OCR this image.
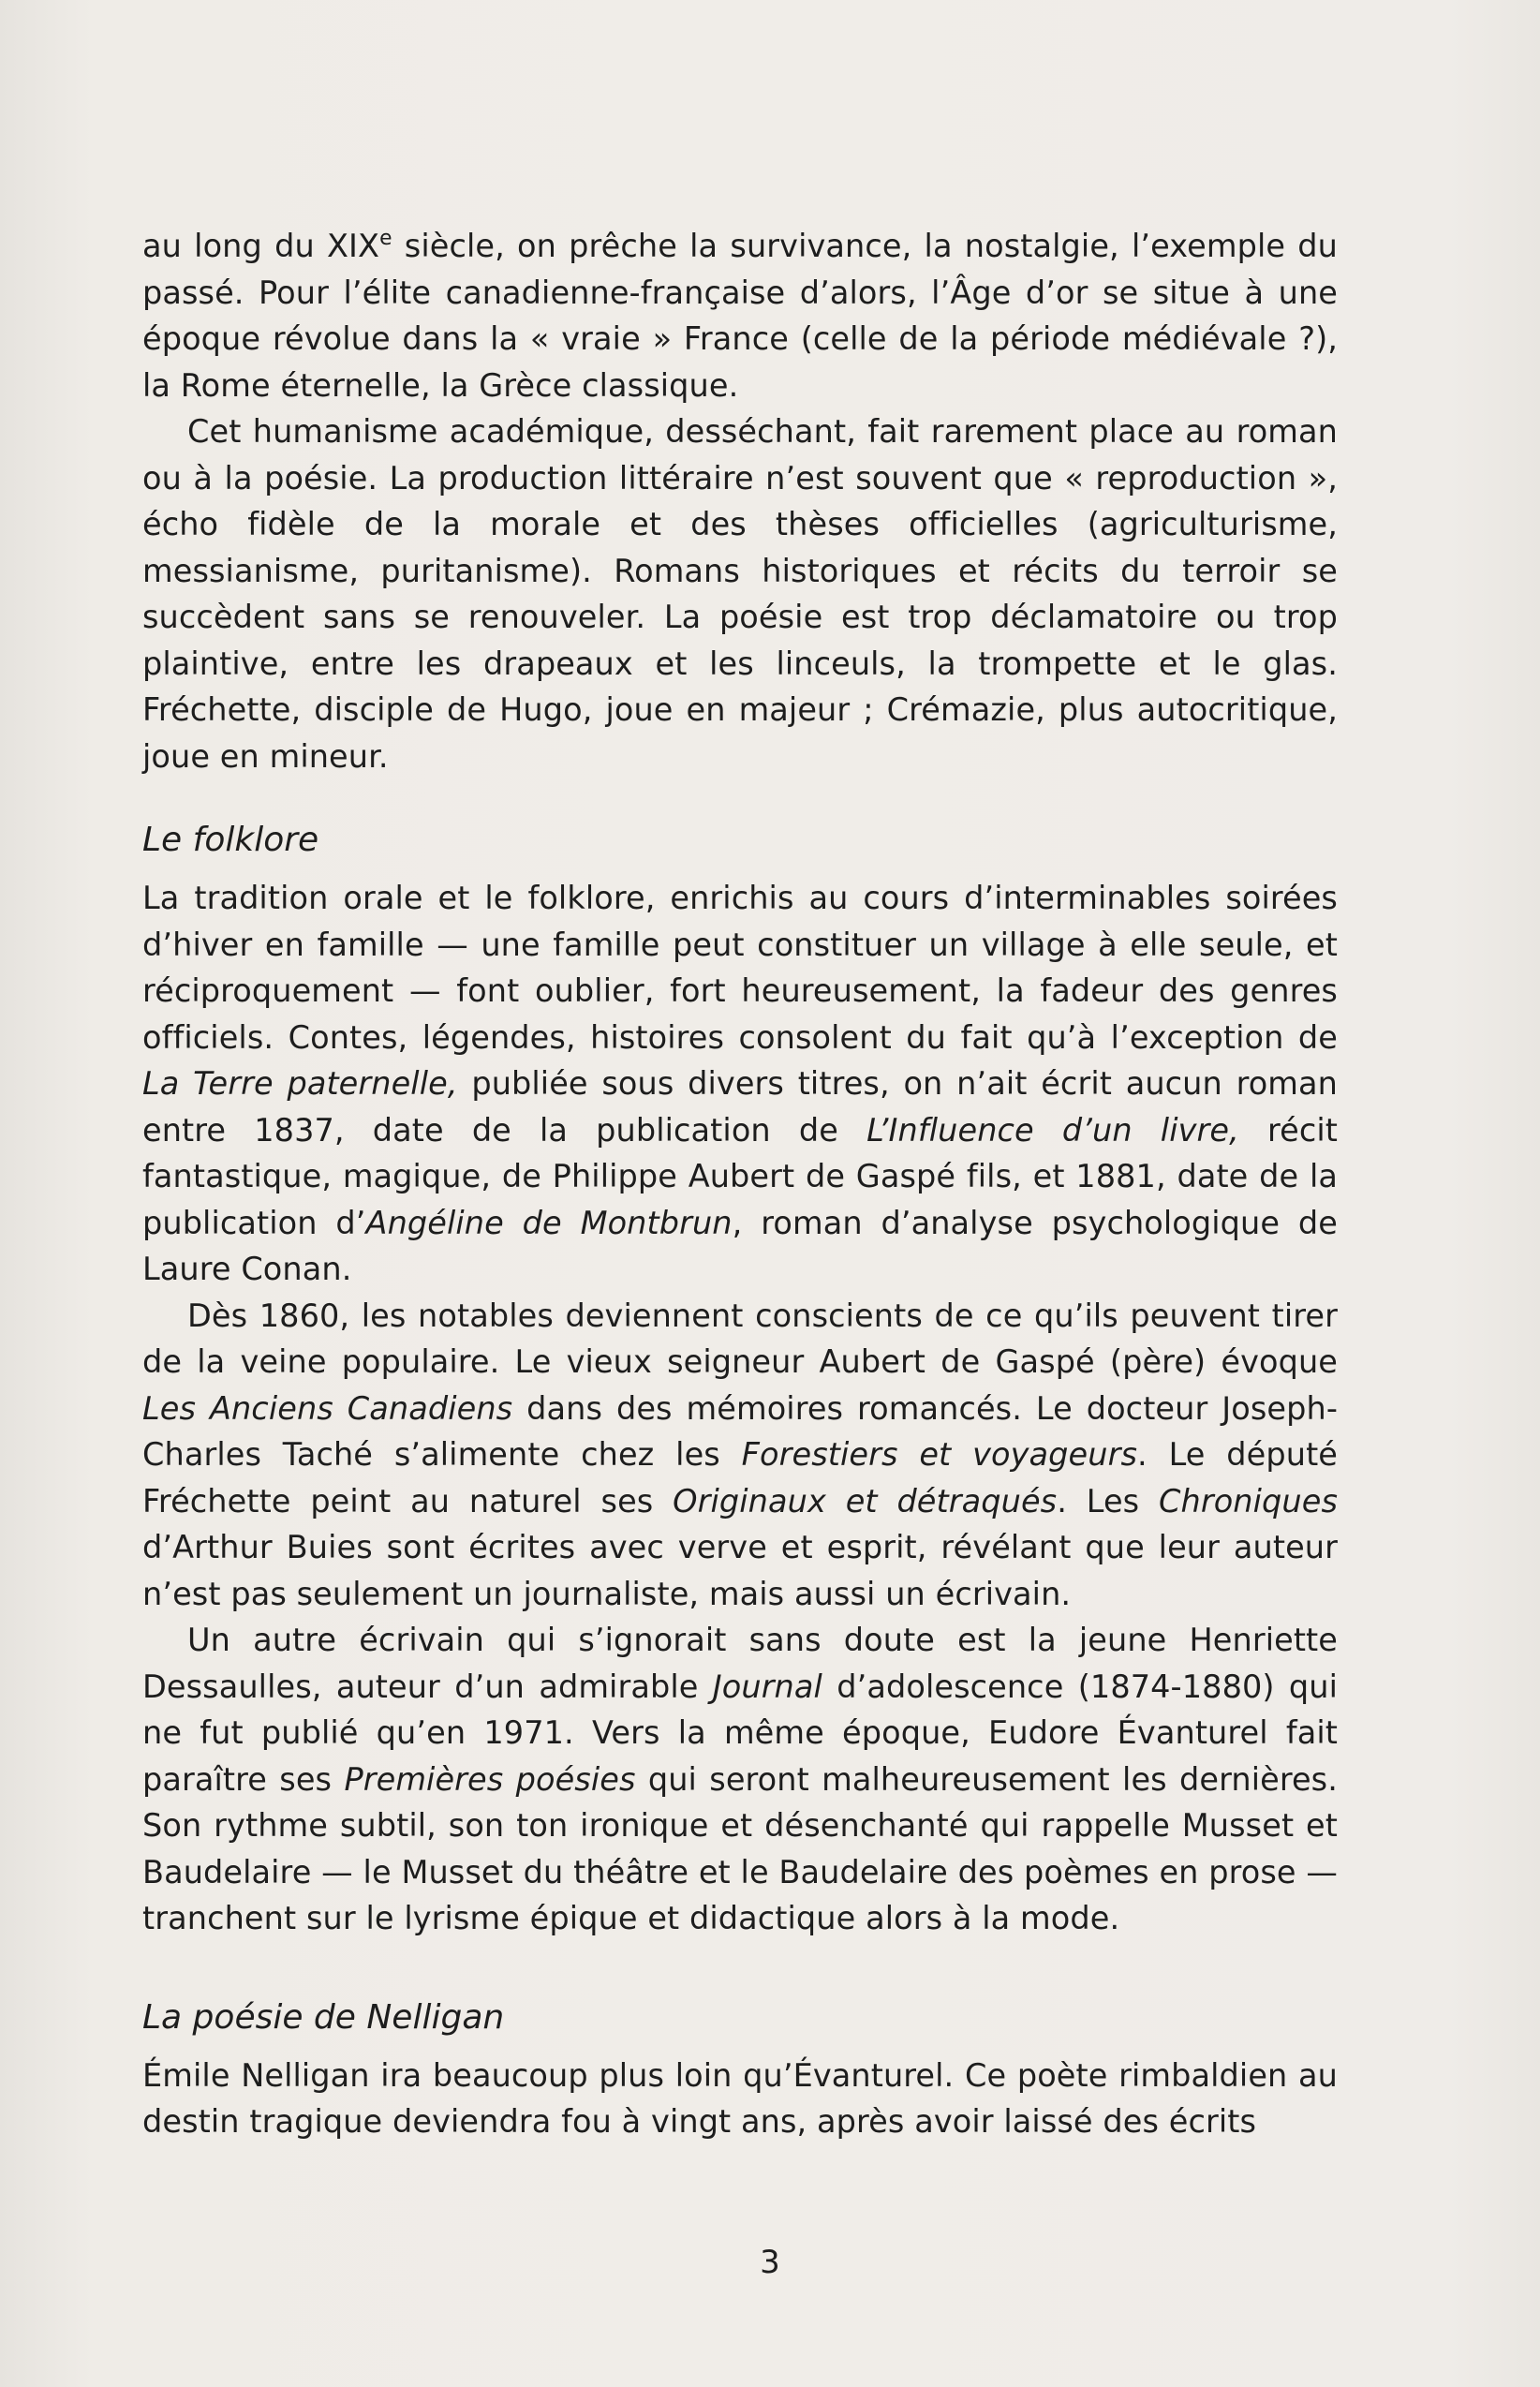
au long du XIXe siècle, on prêche la survivance, la nostalgie, l’exemple du passé. Pour l’élite canadienne-française d’alors, l’Âge d’or se situe à une époque révolue dans la « vraie » France (celle de la période médiévale ?), la Rome éternelle, la Grèce classique.

Cet humanisme académique, desséchant, fait rarement place au roman ou à la poésie. La production littéraire n’est souvent que « reproduction », écho fidèle de la morale et des thèses officielles (agriculturisme, messianisme, puritanisme). Romans historiques et récits du terroir se succèdent sans se renouveler. La poésie est trop déclamatoire ou trop plaintive, entre les drapeaux et les linceuls, la trompette et le glas. Fréchette, disciple de Hugo, joue en majeur ; Crémazie, plus autocritique, joue en mineur.

Le folklore

La tradition orale et le folklore, enrichis au cours d’interminables soirées d’hiver en famille — une famille peut constituer un village à elle seule, et réciproquement — font oublier, fort heureusement, la fadeur des genres officiels. Contes, légendes, histoires consolent du fait qu’à l’exception de La Terre paternelle, publiée sous divers titres, on n’ait écrit aucun roman entre 1837, date de la publication de L’Influence d’un livre, récit fantastique, magique, de Philippe Aubert de Gaspé fils, et 1881, date de la publication d’Angéline de Montbrun, roman d’analyse psychologique de Laure Conan.

Dès 1860, les notables deviennent conscients de ce qu’ils peuvent tirer de la veine populaire. Le vieux seigneur Aubert de Gaspé (père) évoque Les Anciens Canadiens dans des mémoires romancés. Le docteur Joseph-Charles Taché s’alimente chez les Forestiers et voyageurs. Le député Fréchette peint au naturel ses Originaux et détraqués. Les Chroniques d’Arthur Buies sont écrites avec verve et esprit, révélant que leur auteur n’est pas seulement un journaliste, mais aussi un écrivain.

Un autre écrivain qui s’ignorait sans doute est la jeune Henriette Dessaulles, auteur d’un admirable Journal d’adolescence (1874-1880) qui ne fut publié qu’en 1971. Vers la même époque, Eudore Évanturel fait paraître ses Premières poésies qui seront malheureusement les dernières. Son rythme subtil, son ton ironique et désenchanté qui rappelle Musset et Baudelaire — le Musset du théâtre et le Baudelaire des poèmes en prose — tranchent sur le lyrisme épique et didactique alors à la mode.

La poésie de Nelligan

Émile Nelligan ira beaucoup plus loin qu’Évanturel. Ce poète rimbaldien au destin tragique deviendra fou à vingt ans, après avoir laissé des écrits

3
